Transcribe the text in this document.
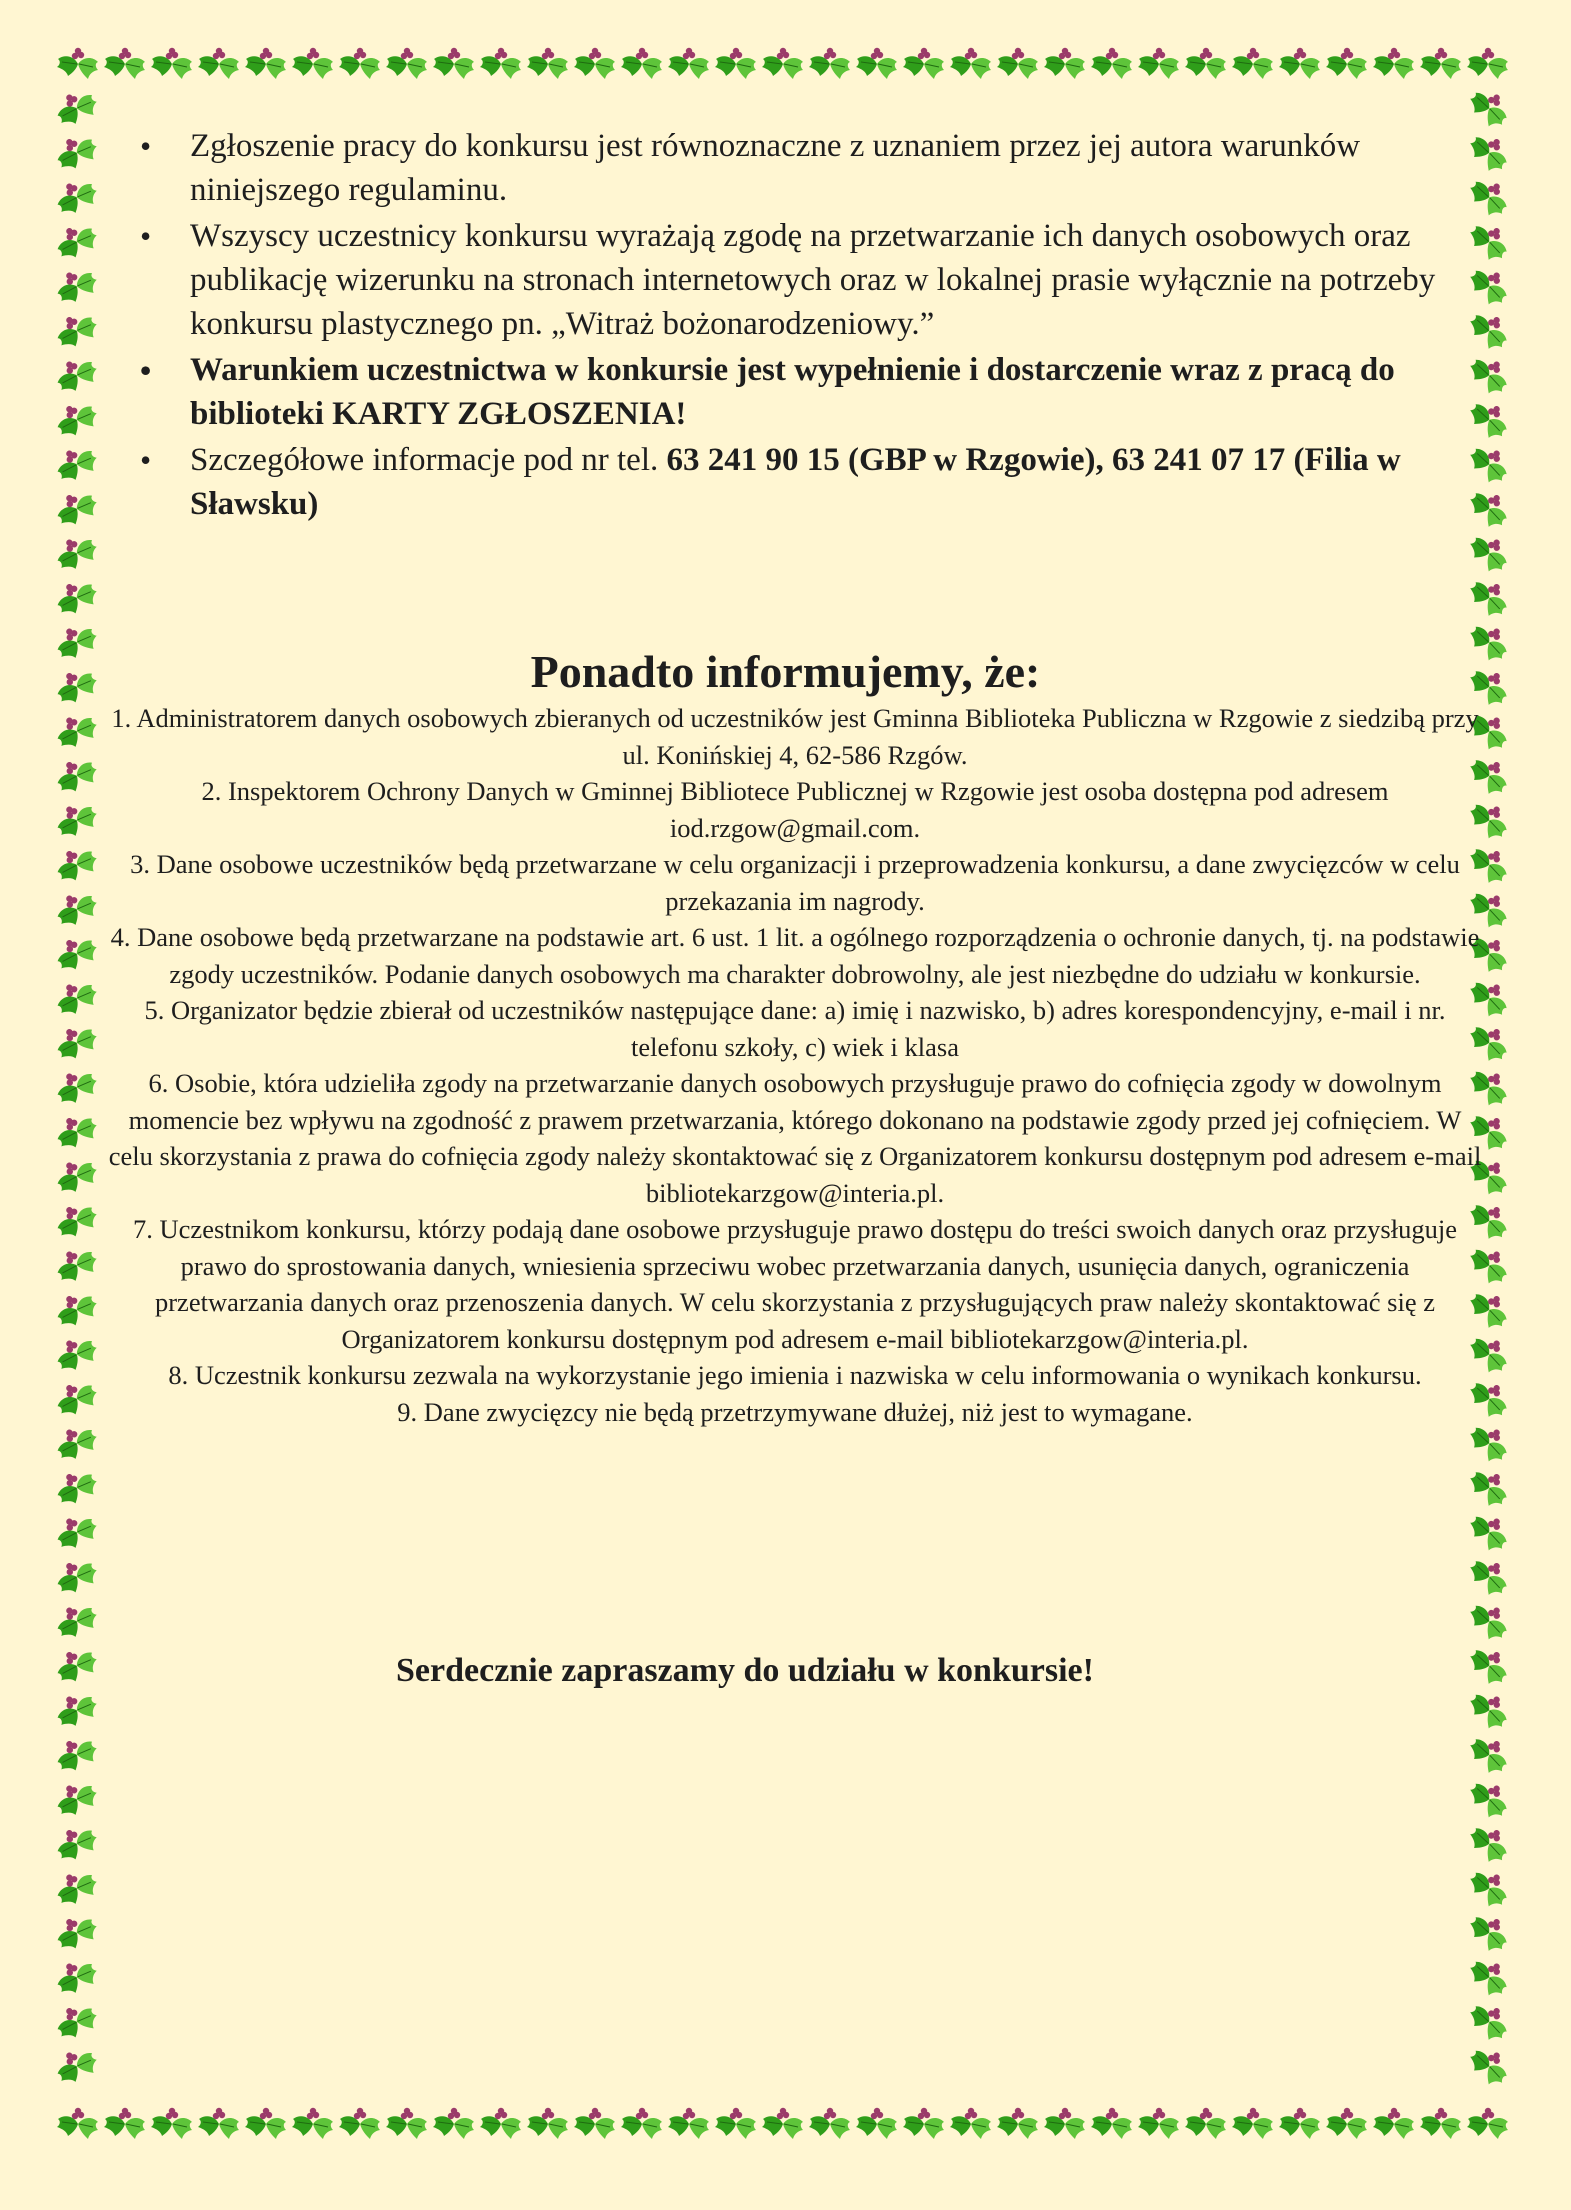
• Zgłoszenie pracy do konkursu jest równoznaczne z uznaniem przez jej autora warunków niniejszego regulaminu.
• Wszyscy uczestnicy konkursu wyrażają zgodę na przetwarzanie ich danych osobowych oraz publikację wizerunku na stronach internetowych oraz w lokalnej prasie wyłącznie na potrzeby konkursu plastycznego pn. „Witraż bożonarodzeniowy.”
• Warunkiem uczestnictwa w konkursie jest wypełnienie i dostarczenie wraz z pracą do biblioteki KARTY ZGŁOSZENIA!
• Szczegółowe informacje pod nr tel. 63 241 90 15 (GBP w Rzgowie), 63 241 07 17 (Filia w Sławsku)
Ponadto informujemy, że:

1. Administratorem danych osobowych zbieranych od uczestników jest Gminna Biblioteka Publiczna w Rzgowie z siedzibą przy ul. Konińskiej 4, 62-586 Rzgów.

2. Inspektorem Ochrony Danych w Gminnej Bibliotece Publicznej w Rzgowie jest osoba dostępna pod adresem iod.rzgow@gmail.com.

3. Dane osobowe uczestników będą przetwarzane w celu organizacji i przeprowadzenia konkursu, a dane zwycięzców w celu przekazania im nagrody.

4. Dane osobowe będą przetwarzane na podstawie art. 6 ust. 1 lit. a ogólnego rozporządzenia o ochronie danych, tj. na podstawie zgody uczestników. Podanie danych osobowych ma charakter dobrowolny, ale jest niezbędne do udziału w konkursie.

5. Organizator będzie zbierał od uczestników następujące dane: a) imię i nazwisko, b) adres korespondencyjny, e-mail i nr. telefonu szkoły, c) wiek i klasa

6. Osobie, która udzieliła zgody na przetwarzanie danych osobowych przysługuje prawo do cofnięcia zgody w dowolnym momencie bez wpływu na zgodność z prawem przetwarzania, którego dokonano na podstawie zgody przed jej cofnięciem. W celu skorzystania z prawa do cofnięcia zgody należy skontaktować się z Organizatorem konkursu dostępnym pod adresem e-mail bibliotekarzgow@interia.pl.

7. Uczestnikom konkursu, którzy podają dane osobowe przysługuje prawo dostępu do treści swoich danych oraz przysługuje prawo do sprostowania danych, wniesienia sprzeciwu wobec przetwarzania danych, usunięcia danych, ograniczenia przetwarzania danych oraz przenoszenia danych. W celu skorzystania z przysługujących praw należy skontaktować się z Organizatorem konkursu dostępnym pod adresem e-mail bibliotekarzgow@interia.pl.

8. Uczestnik konkursu zezwala na wykorzystanie jego imienia i nazwiska w celu informowania o wynikach konkursu.

9. Dane zwycięzcy nie będą przetrzymywane dłużej, niż jest to wymagane.

Serdecznie zapraszamy do udziału w konkursie!
